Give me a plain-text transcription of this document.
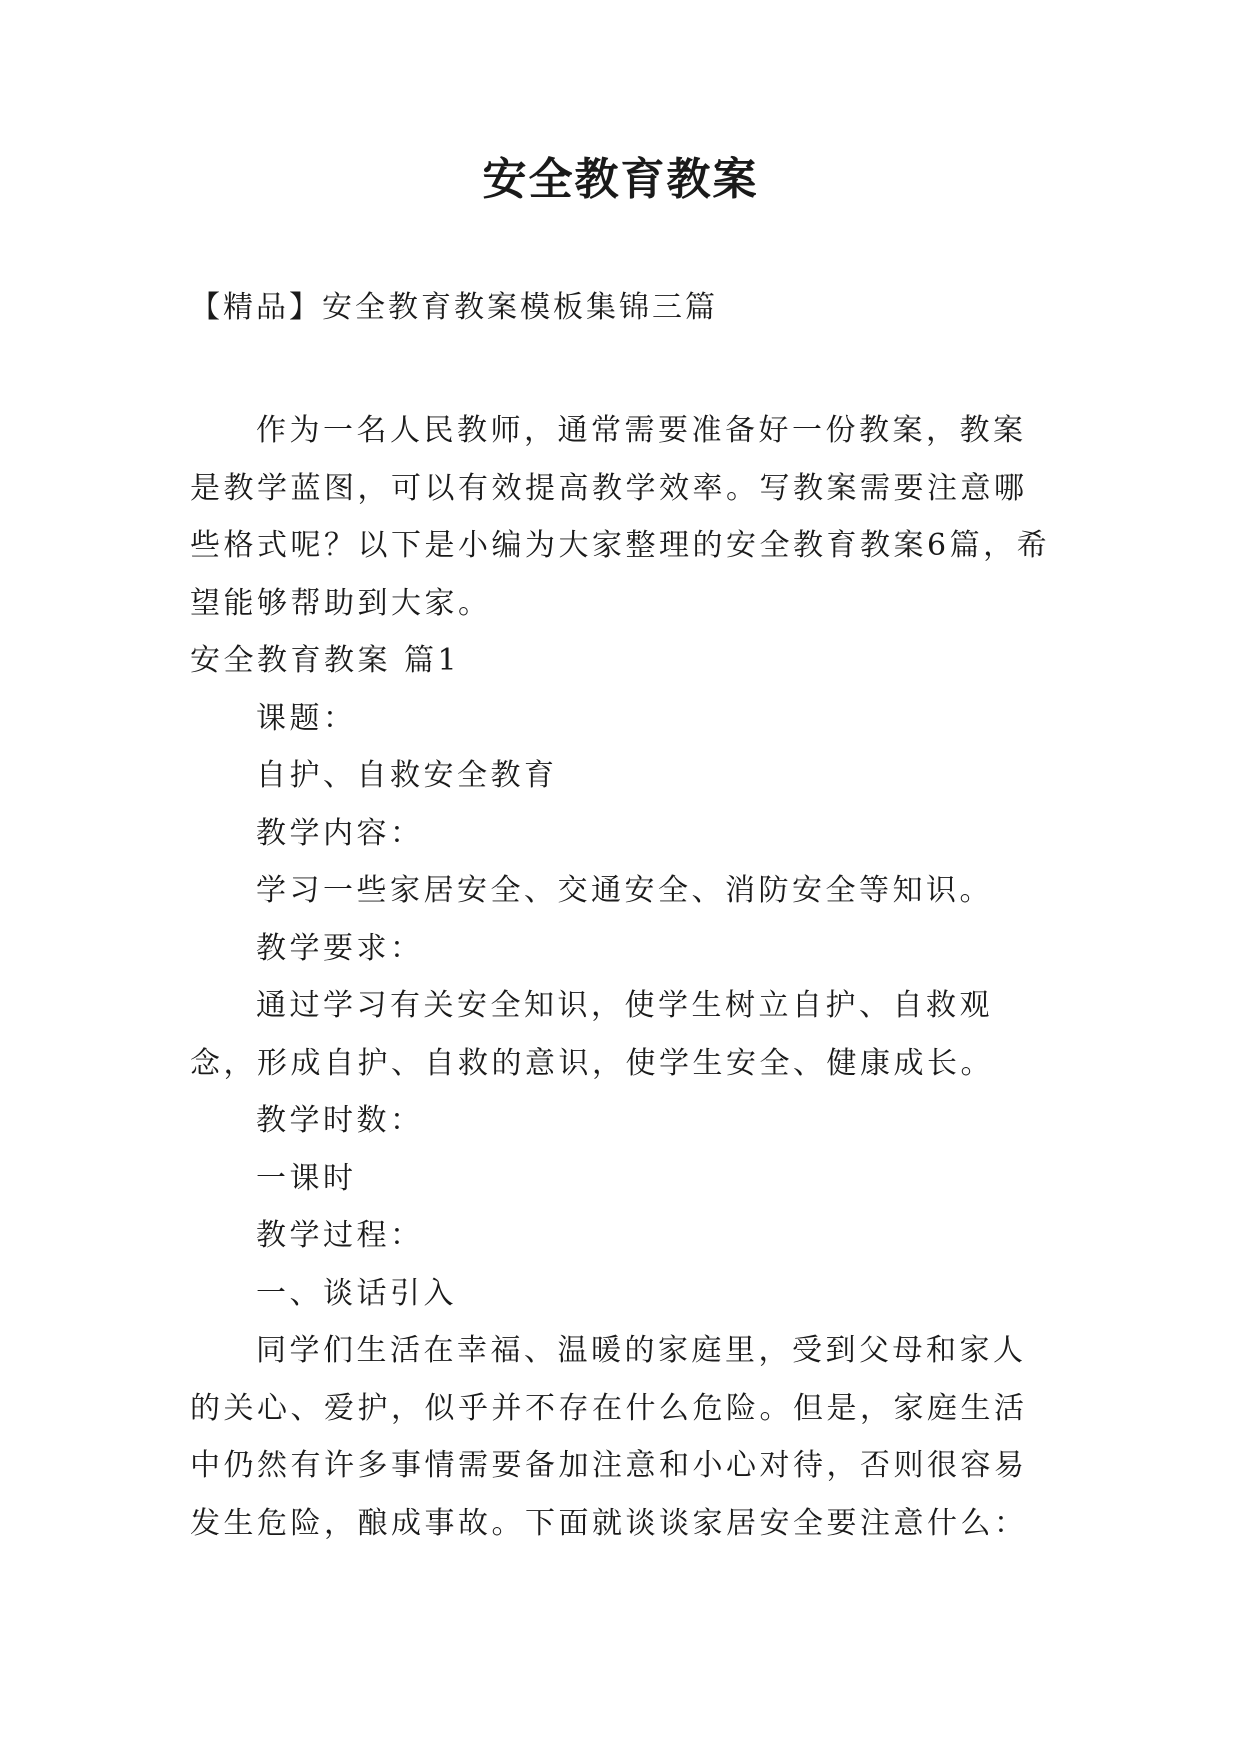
安全教育教案
【精品】安全教育教案模板集锦三篇

作为一名人民教师，通常需要准备好一份教案，教案是教学蓝图，可以有效提高教学效率。写教案需要注意哪些格式呢？以下是小编为大家整理的安全教育教案6篇，希望能够帮助到大家。

安全教育教案 篇1

课题：

自护、自救安全教育

教学内容：

学习一些家居安全、交通安全、消防安全等知识。

教学要求：

通过学习有关安全知识，使学生树立自护、自救观念，形成自护、自救的意识，使学生安全、健康成长。

教学时数：

一课时

教学过程：

一、谈话引入

同学们生活在幸福、温暖的家庭里，受到父母和家人的关心、爱护，似乎并不存在什么危险。但是，家庭生活中仍然有许多事情需要备加注意和小心对待，否则很容易发生危险，酿成事故。下面就谈谈家居安全要注意什么：
